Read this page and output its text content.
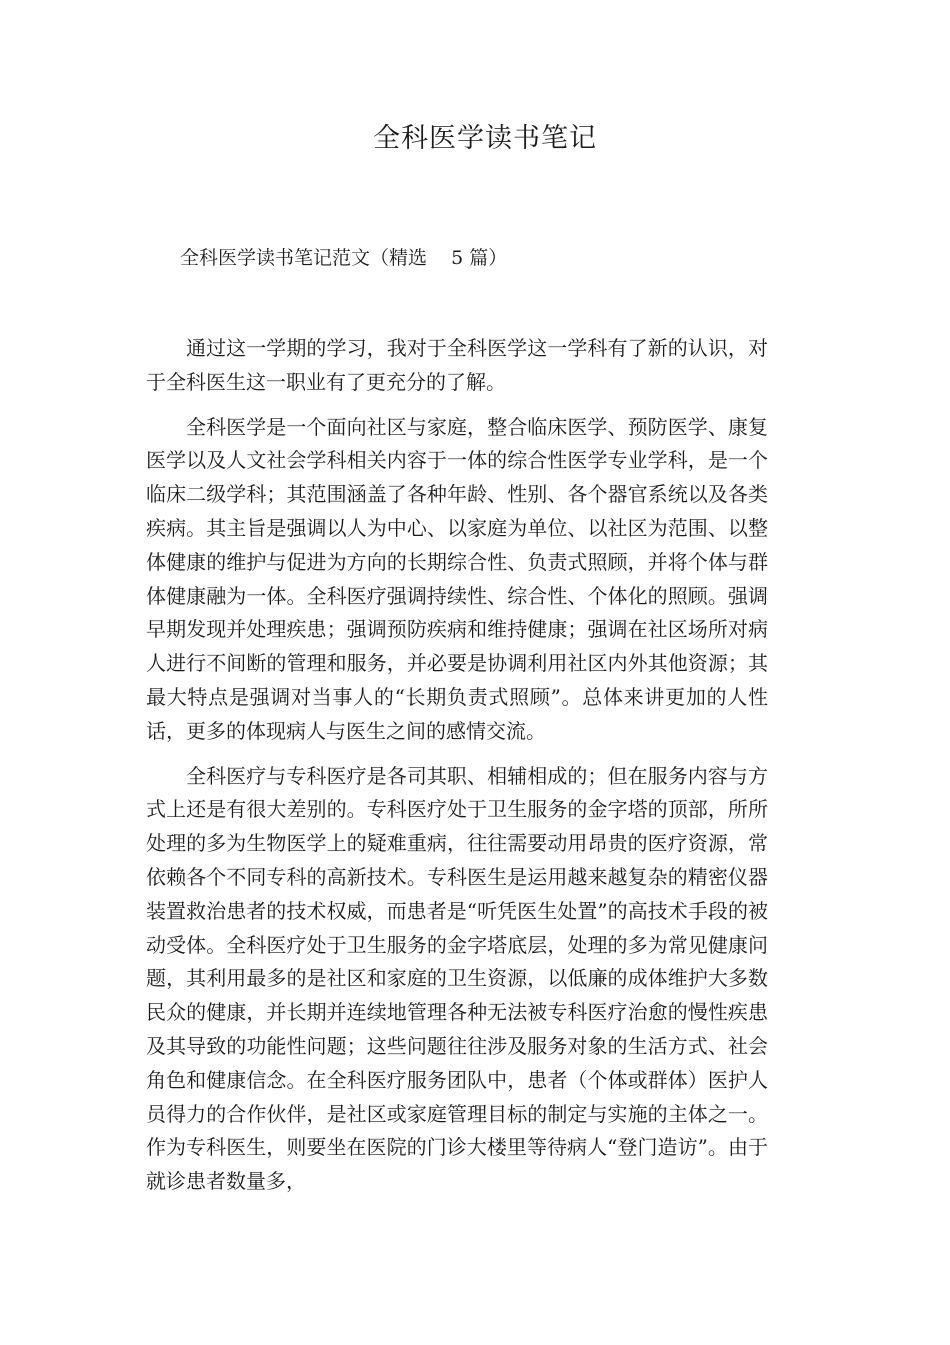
全科医学读书笔记
全科医学读书笔记范文（精选    5 篇）

通过这一学期的学习，我对于全科医学这一学科有了新的认识，对于全科医生这一职业有了更充分的了解。

全科医学是一个面向社区与家庭，整合临床医学、预防医学、康复医学以及人文社会学科相关内容于一体的综合性医学专业学科，是一个临床二级学科；其范围涵盖了各种年龄、性别、各个器官系统以及各类疾病。其主旨是强调以人为中心、以家庭为单位、以社区为范围、以整体健康的维护与促进为方向的长期综合性、负责式照顾，并将个体与群体健康融为一体。全科医疗强调持续性、综合性、个体化的照顾。强调早期发现并处理疾患；强调预防疾病和维持健康；强调在社区场所对病人进行不间断的管理和服务，并必要是协调利用社区内外其他资源；其最大特点是强调对当事人的“长期负责式照顾”。总体来讲更加的人性话，更多的体现病人与医生之间的感情交流。

全科医疗与专科医疗是各司其职、相辅相成的；但在服务内容与方式上还是有很大差别的。专科医疗处于卫生服务的金字塔的顶部，所所处理的多为生物医学上的疑难重病，往往需要动用昂贵的医疗资源，常依赖各个不同专科的高新技术。专科医生是运用越来越复杂的精密仪器装置救治患者的技术权威，而患者是“听凭医生处置”的高技术手段的被动受体。全科医疗处于卫生服务的金字塔底层，处理的多为常见健康问题，其利用最多的是社区和家庭的卫生资源，以低廉的成体维护大多数民众的健康，并长期并连续地管理各种无法被专科医疗治愈的慢性疾患及其导致的功能性问题；这些问题往往涉及服务对象的生活方式、社会角色和健康信念。在全科医疗服务团队中，患者（个体或群体）医护人员得力的合作伙伴，是社区或家庭管理目标的制定与实施的主体之一。作为专科医生，则要坐在医院的门诊大楼里等待病人“登门造访”。由于就诊患者数量多，
